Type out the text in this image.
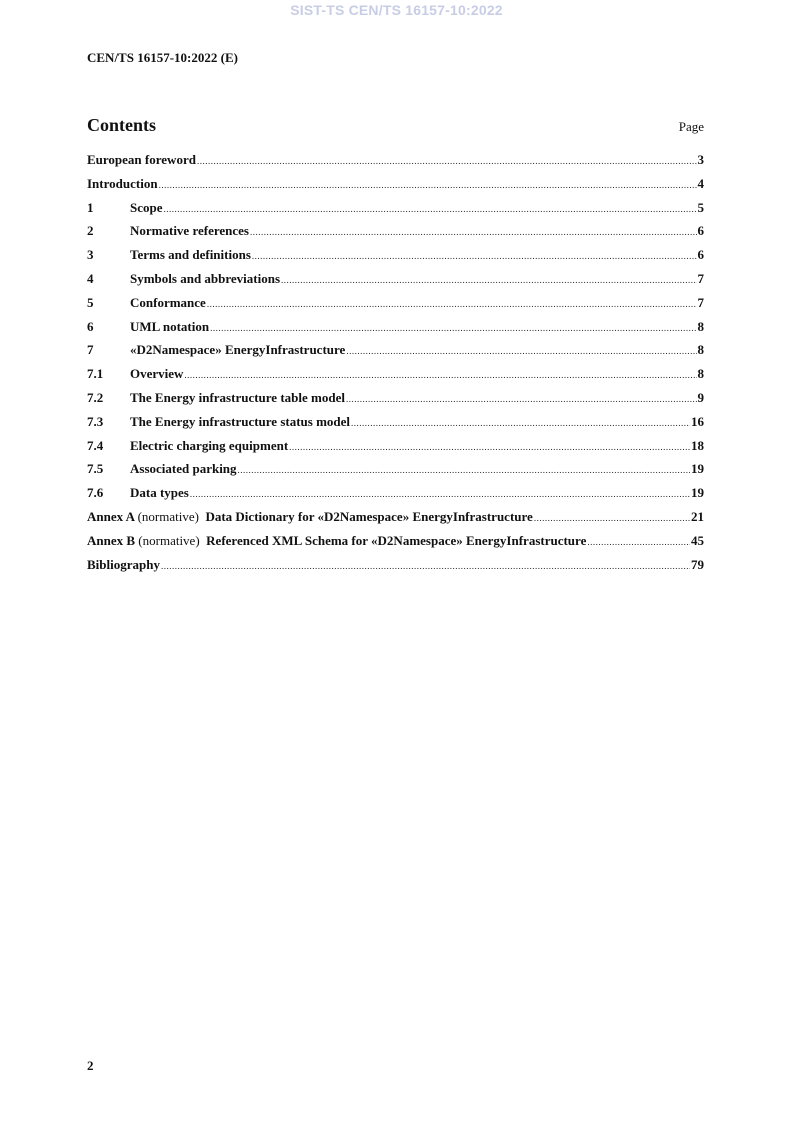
SIST-TS CEN/TS 16157-10:2022
CEN/TS 16157-10:2022 (E)
Contents	Page
European foreword .....	3
Introduction .....	4
1	Scope .....	5
2	Normative references .....	6
3	Terms and definitions .....	6
4	Symbols and abbreviations .....	7
5	Conformance .....	7
6	UML notation .....	8
7	«D2Namespace» EnergyInfrastructure .....	8
7.1	Overview .....	8
7.2	The Energy infrastructure table model .....	9
7.3	The Energy infrastructure status model .....	16
7.4	Electric charging equipment .....	18
7.5	Associated parking .....	19
7.6	Data types .....	19
Annex A (normative) Data Dictionary for «D2Namespace» EnergyInfrastructure .....	21
Annex B (normative) Referenced XML Schema for «D2Namespace» EnergyInfrastructure .....	45
Bibliography .....	79
2
